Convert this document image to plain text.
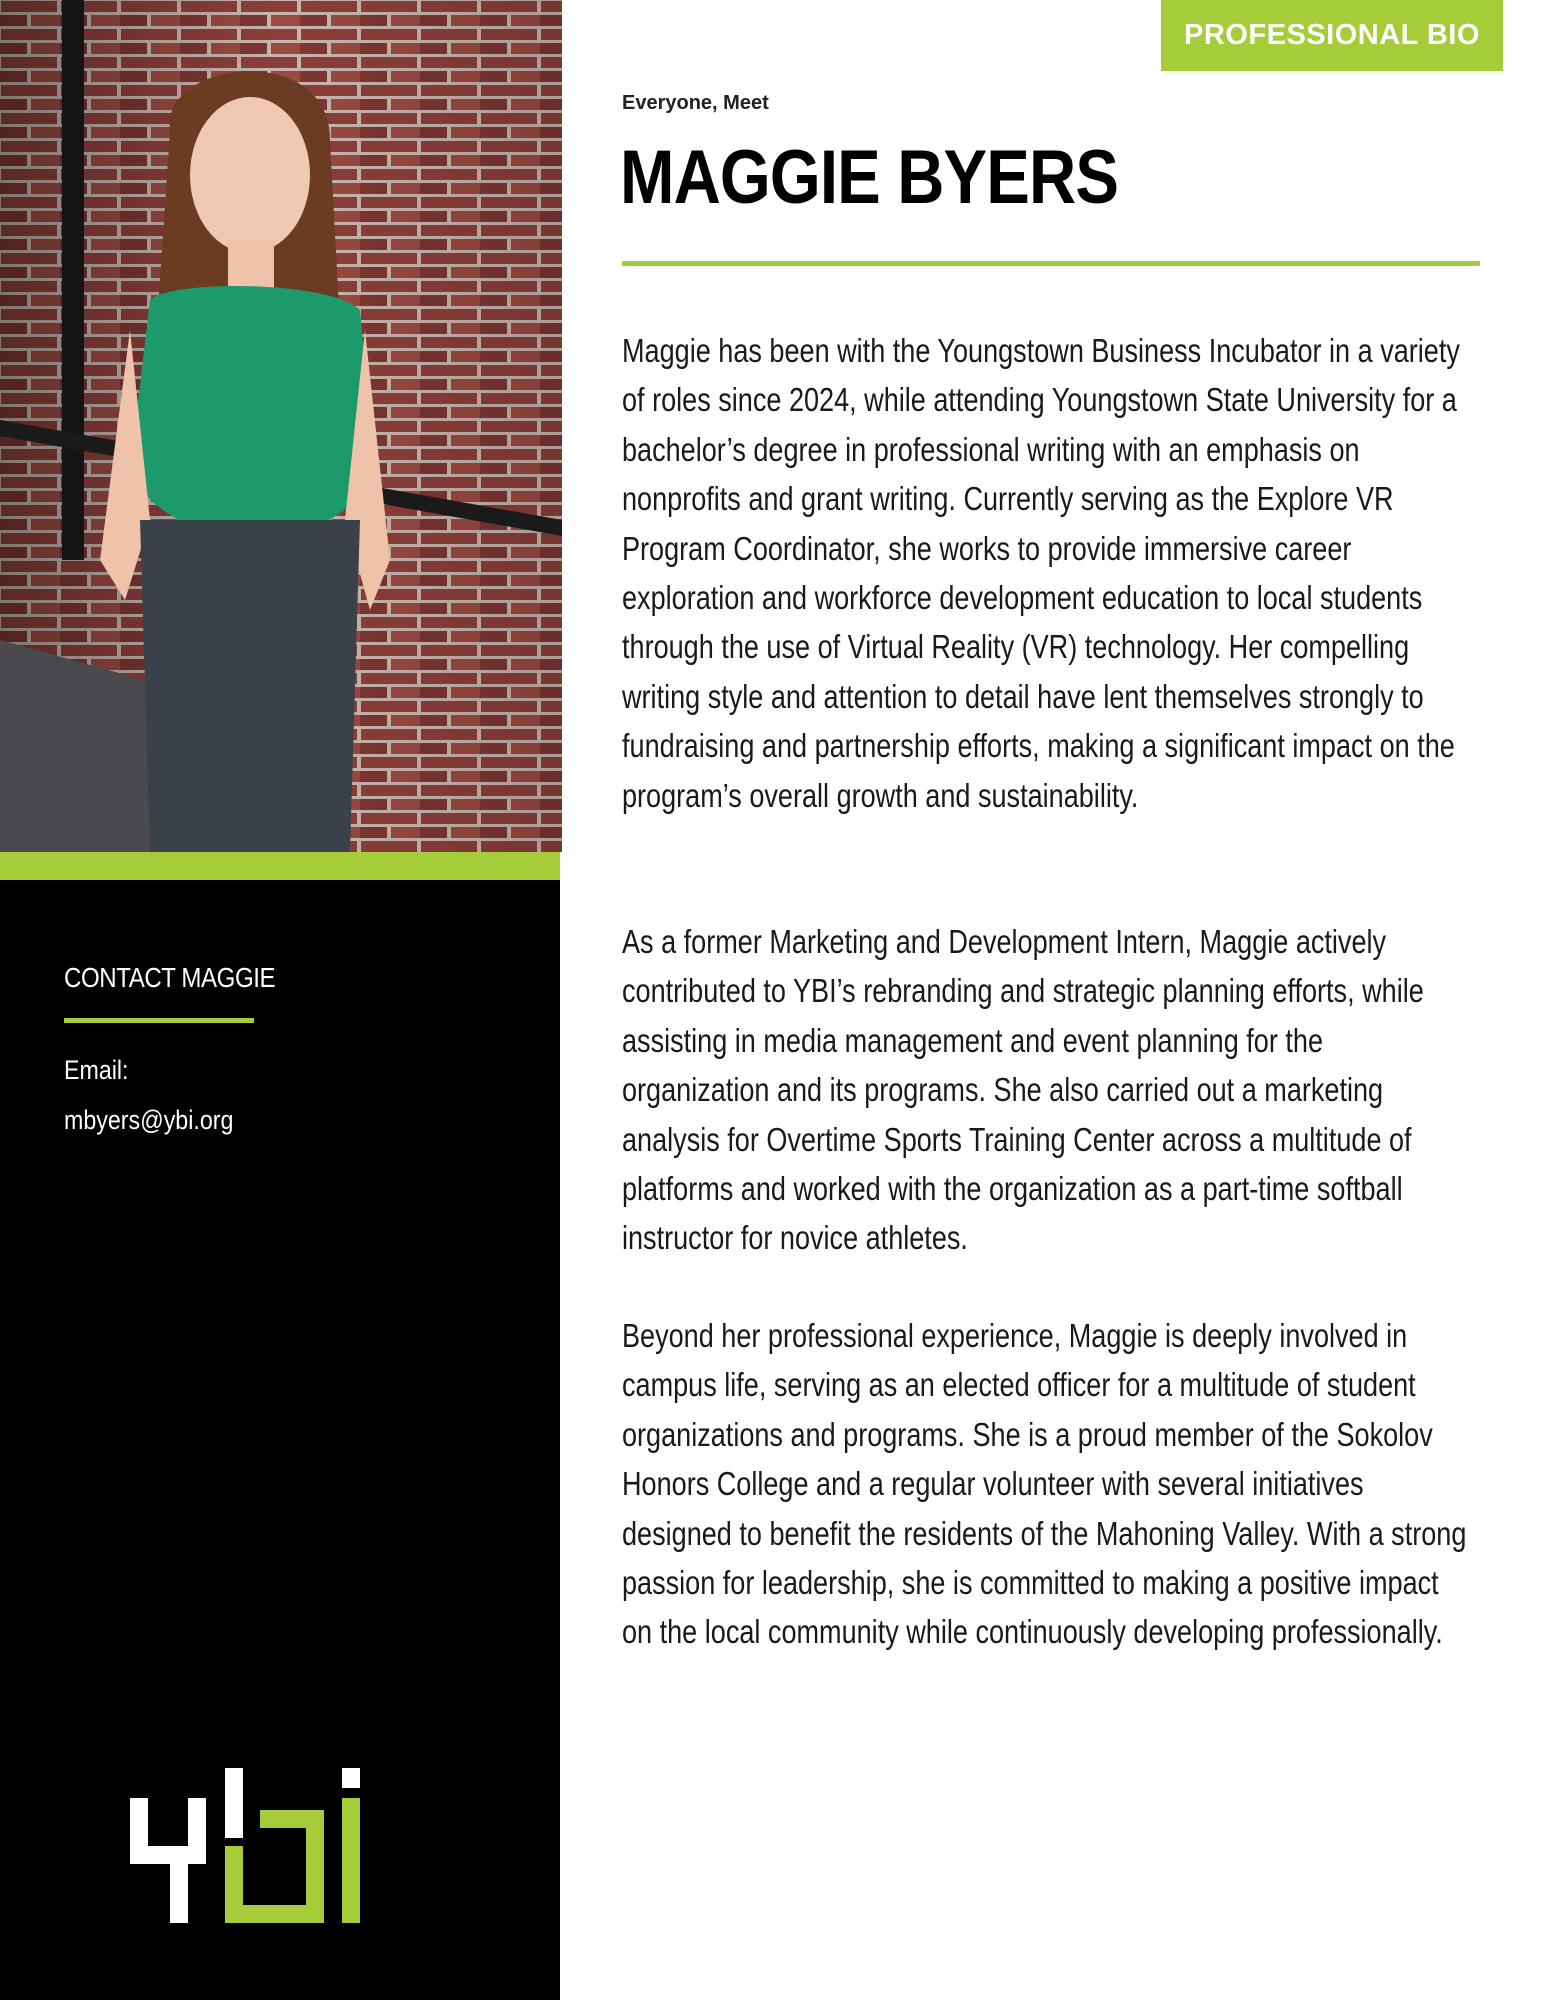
CONTACT MAGGIE

Email:

mbyers@ybi.org

PROFESSIONAL BIO

Everyone, Meet

MAGGIE BYERS

Maggie has been with the Youngstown Business Incubator in a variety of roles since 2024, while attending Youngstown State University for a bachelor’s degree in professional writing with an emphasis on nonprofits and grant writing. Currently serving as the Explore VR Program Coordinator, she works to provide immersive career exploration and workforce development education to local students through the use of Virtual Reality (VR) technology. Her compelling writing style and attention to detail have lent themselves strongly to fundraising and partnership efforts, making a significant impact on the program’s overall growth and sustainability.

As a former Marketing and Development Intern, Maggie actively contributed to YBI’s rebranding and strategic planning efforts, while assisting in media management and event planning for the organization and its programs. She also carried out a marketing analysis for Overtime Sports Training Center across a multitude of platforms and worked with the organization as a part-time softball instructor for novice athletes.

Beyond her professional experience, Maggie is deeply involved in campus life, serving as an elected officer for a multitude of student organizations and programs. She is a proud member of the Sokolov Honors College and a regular volunteer with several initiatives designed to benefit the residents of the Mahoning Valley. With a strong passion for leadership, she is committed to making a positive impact on the local community while continuously developing professionally.
